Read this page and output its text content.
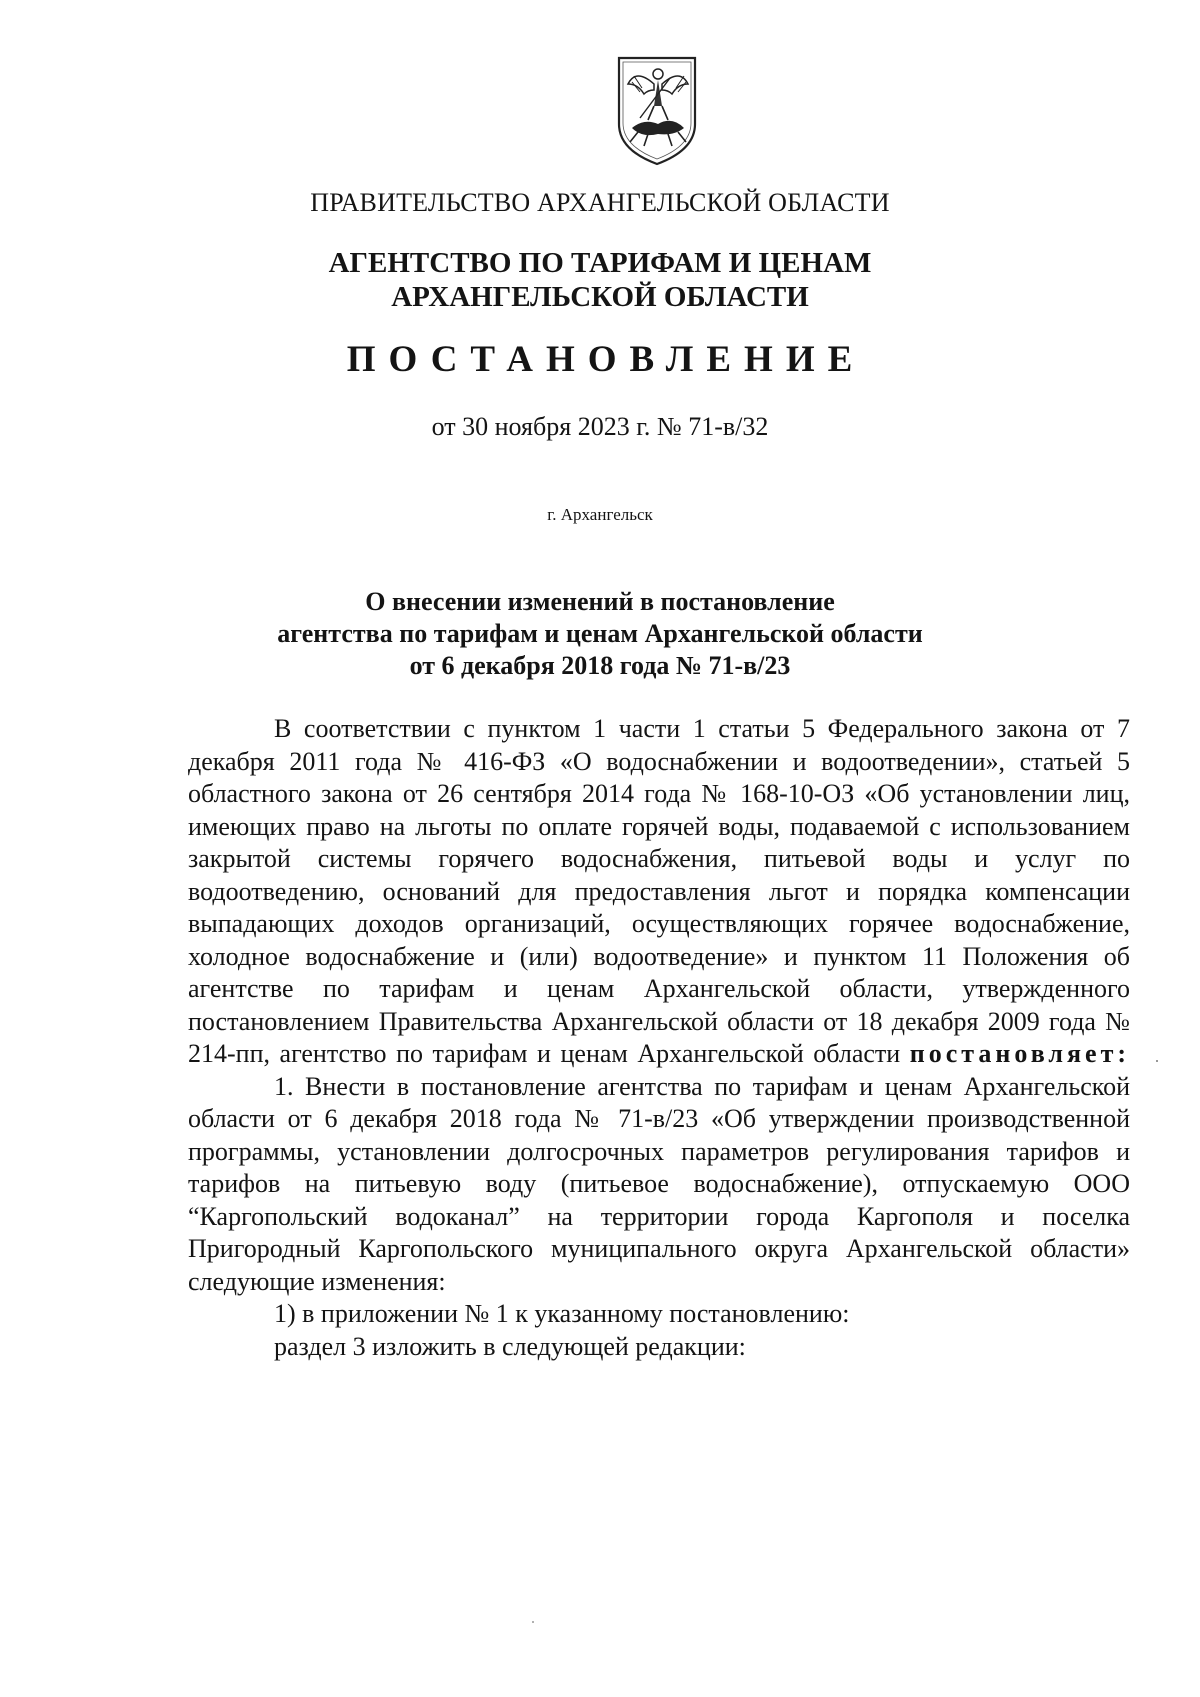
ПРАВИТЕЛЬСТВО АРХАНГЕЛЬСКОЙ ОБЛАСТИ
АГЕНТСТВО ПО ТАРИФАМ И ЦЕНАМ
АРХАНГЕЛЬСКОЙ ОБЛАСТИ
ПОСТАНОВЛЕНИЕ
от 30 ноября 2023 г. № 71-в/32
г. Архангельск
О внесении изменений в постановление
агентства по тарифам и ценам Архангельской области
от 6 декабря 2018 года № 71-в/23

В соответствии с пунктом 1 части 1 статьи 5 Федерального закона от 7 декабря 2011 года № 416-ФЗ «О водоснабжении и водоотведении», статьей 5 областного закона от 26 сентября 2014 года № 168-10-ОЗ «Об установлении лиц, имеющих право на льготы по оплате горячей воды, подаваемой с использованием закрытой системы горячего водоснабжения, питьевой воды и услуг по водоотведению, оснований для предоставления льгот и порядка компенсации выпадающих доходов организаций, осуществляющих горячее водоснабжение, холодное водоснабжение и (или) водоотведение» и пунктом 11 Положения об агентстве по тарифам и ценам Архангельской области, утвержденного постановлением Правительства Архангельской области от 18 декабря 2009 года № 214-пп, агентство по тарифам и ценам Архангельской области постановляет:

1. Внести в постановление агентства по тарифам и ценам Архангельской области от 6 декабря 2018 года № 71-в/23 «Об утверждении производственной программы, установлении долгосрочных параметров регулирования тарифов и тарифов на питьевую воду (питьевое водоснабжение), отпускаемую ООО “Каргопольский водоканал” на территории города Каргополя и поселка Пригородный Каргопольского муниципального округа Архангельской области» следующие изменения:

1) в приложении № 1 к указанному постановлению:

раздел 3 изложить в следующей редакции:
